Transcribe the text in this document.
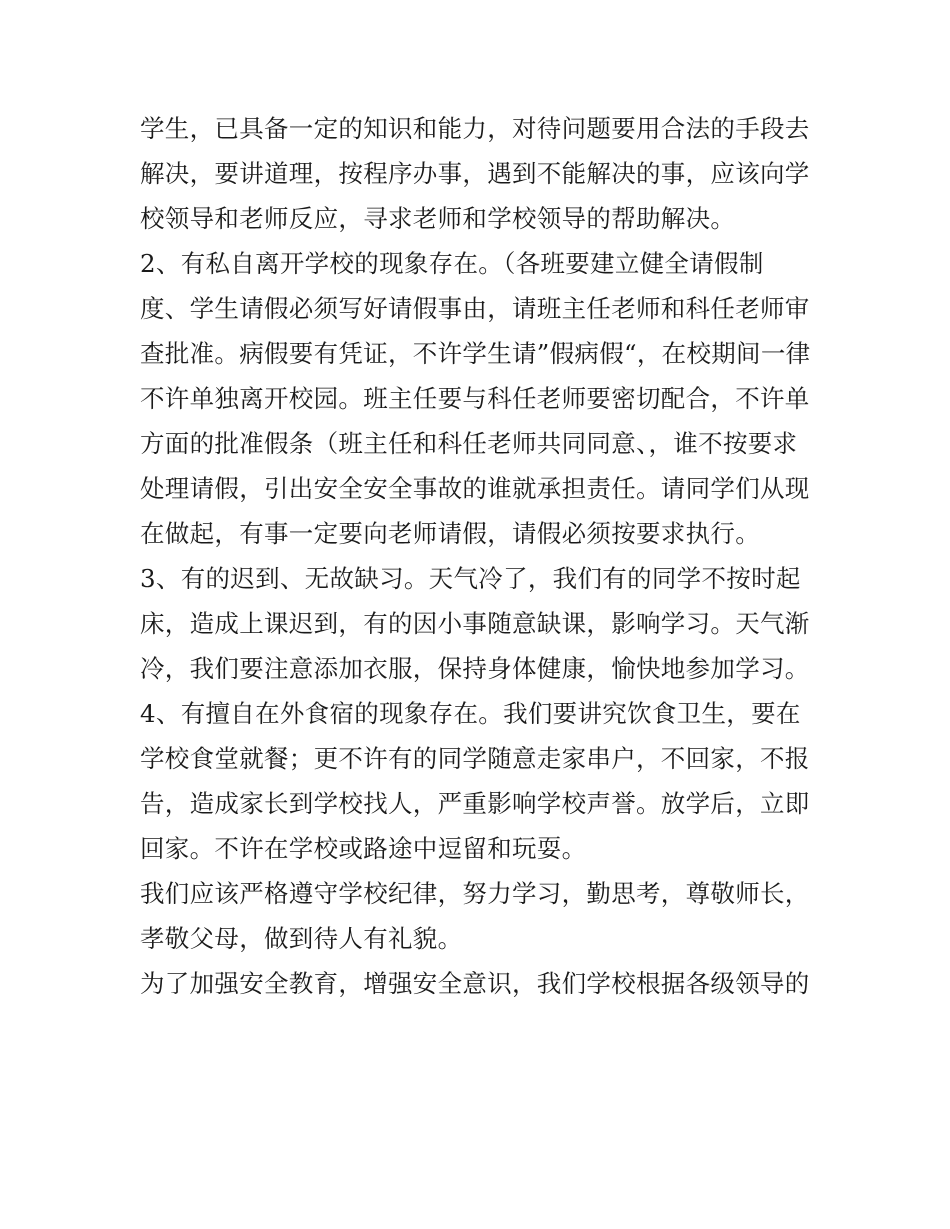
学生，已具备一定的知识和能力，对待问题要用合法的手段去
解决，要讲道理，按程序办事，遇到不能解决的事，应该向学
校领导和老师反应，寻求老师和学校领导的帮助解决。
2、有私自离开学校的现象存在。（各班要建立健全请假制
度、学生请假必须写好请假事由，请班主任老师和科任老师审
查批准。病假要有凭证，不许学生请”假病假“，在校期间一律
不许单独离开校园。班主任要与科任老师要密切配合，不许单
方面的批准假条（班主任和科任老师共同同意、，谁不按要求
处理请假，引出安全安全事故的谁就承担责任。请同学们从现
在做起，有事一定要向老师请假，请假必须按要求执行。
3、有的迟到、无故缺习。天气冷了，我们有的同学不按时起
床，造成上课迟到，有的因小事随意缺课，影响学习。天气渐
冷，我们要注意添加衣服，保持身体健康，愉快地参加学习。
4、有擅自在外食宿的现象存在。我们要讲究饮食卫生，要在
学校食堂就餐；更不许有的同学随意走家串户，不回家，不报
告，造成家长到学校找人，严重影响学校声誉。放学后，立即
回家。不许在学校或路途中逗留和玩耍。
我们应该严格遵守学校纪律，努力学习，勤思考，尊敬师长，
孝敬父母，做到待人有礼貌。
为了加强安全教育，增强安全意识，我们学校根据各级领导的
